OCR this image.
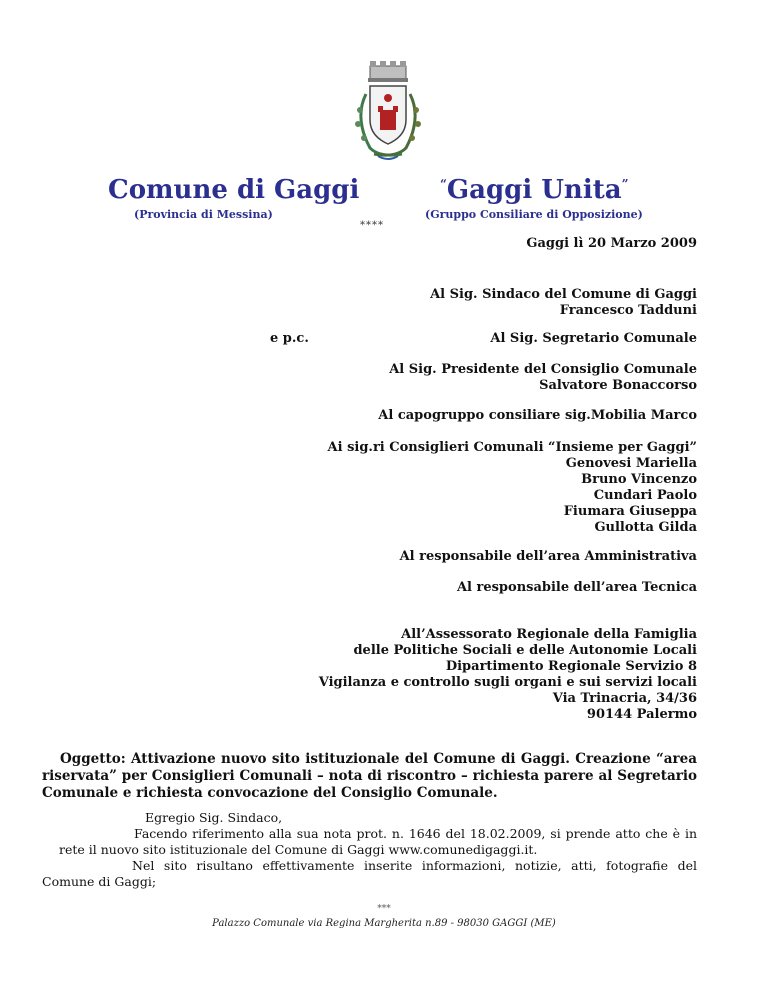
Comune di Gaggi
(Provincia di Messina)
“Gaggi Unita”
(Gruppo Consiliare di Opposizione)
****
Gaggi lì 20 Marzo 2009
Al Sig. Sindaco del Comune di Gaggi
Francesco Tadduni
e p.c.	Al Sig. Segretario Comunale
Al Sig. Presidente del Consiglio Comunale
Salvatore Bonaccorso
Al capogruppo consiliare sig.Mobilia Marco
Ai sig.ri Consiglieri Comunali “Insieme per Gaggi”
Genovesi Mariella
Bruno Vincenzo
Cundari Paolo
Fiumara Giuseppa
Gullotta Gilda
Al responsabile dell’area Amministrativa
Al responsabile dell’area Tecnica
All’Assessorato Regionale della Famiglia
delle Politiche Sociali e delle Autonomie Locali
Dipartimento Regionale Servizio 8
Vigilanza e controllo sugli organi e sui servizi locali
Via Trinacria, 34/36
90144 Palermo
Oggetto: Attivazione nuovo sito istituzionale del Comune di Gaggi. Creazione “area riservata” per Consiglieri Comunali – nota di riscontro – richiesta parere al Segretario Comunale e richiesta convocazione del Consiglio Comunale.

Egregio Sig. Sindaco,

Facendo riferimento alla sua nota prot. n. 1646 del 18.02.2009, si prende atto che è in rete il nuovo sito istituzionale del Comune di Gaggi www.comunedigaggi.it.

Nel sito risultano effettivamente inserite informazioni, notizie, atti, fotografie del Comune di Gaggi;

***
Palazzo Comunale via Regina Margherita n.89 - 98030 GAGGI (ME)
